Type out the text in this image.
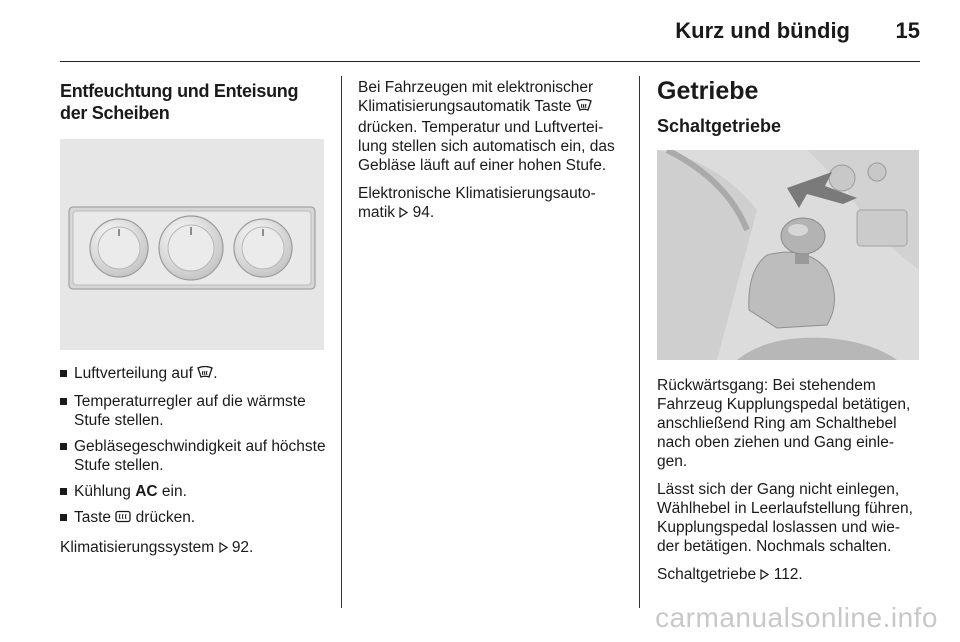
Kurz und bündig	15
Entfeuchtung und Enteisung der Scheiben
Luftverteilung auf .
Temperaturregler auf die wärmste Stufe stellen.
Gebläsegeschwindigkeit auf höchste Stufe stellen.
Kühlung AC ein.
Taste  drücken.

Klimatisierungssystem 92.

Bei Fahrzeugen mit elektronischer Klimatisierungsautomatik Taste  drücken. Temperatur und Luftvertei-lung stellen sich automatisch ein, das Gebläse läuft auf einer hohen Stufe.

Elektronische Klimatisierungsauto-matik 94.

Getriebe
Schaltgetriebe

Rückwärtsgang: Bei stehendem Fahrzeug Kupplungspedal betätigen, anschließend Ring am Schalthebel nach oben ziehen und Gang einle-gen.

Lässt sich der Gang nicht einlegen, Wählhebel in Leerlaufstellung führen, Kupplungspedal loslassen und wie-der betätigen. Nochmals schalten.

Schaltgetriebe 112.

carmanualsonline.info
